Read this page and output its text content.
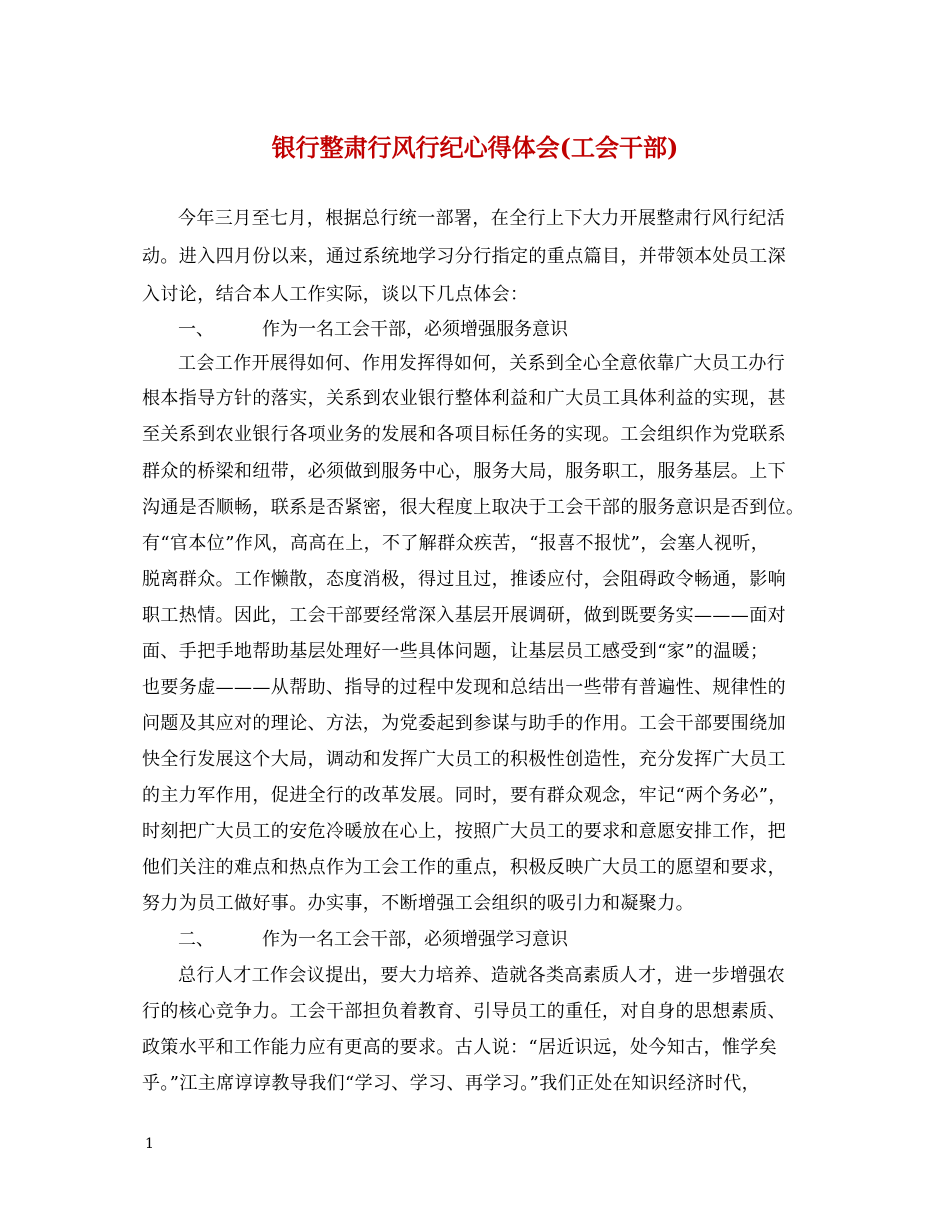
银行整肃行风行纪心得体会(工会干部)
今年三月至七月，根据总行统一部署，在全行上下大力开展整肃行风行纪活
动。进入四月份以来，通过系统地学习分行指定的重点篇目，并带领本处员工深
入讨论，结合本人工作实际，谈以下几点体会：
一、	作为一名工会干部，必须增强服务意识
工会工作开展得如何、作用发挥得如何，关系到全心全意依靠广大员工办行
根本指导方针的落实，关系到农业银行整体利益和广大员工具体利益的实现，甚
至关系到农业银行各项业务的发展和各项目标任务的实现。工会组织作为党联系
群众的桥梁和纽带，必须做到服务中心，服务大局，服务职工，服务基层。上下
沟通是否顺畅，联系是否紧密，很大程度上取决于工会干部的服务意识是否到位。
有“官本位”作风，高高在上，不了解群众疾苦，“报喜不报忧”，会塞人视听，
脱离群众。工作懒散，态度消极，得过且过，推诿应付，会阻碍政令畅通，影响
职工热情。因此，工会干部要经常深入基层开展调研，做到既要务实———面对
面、手把手地帮助基层处理好一些具体问题，让基层员工感受到“家”的温暖；
也要务虚———从帮助、指导的过程中发现和总结出一些带有普遍性、规律性的
问题及其应对的理论、方法，为党委起到参谋与助手的作用。工会干部要围绕加
快全行发展这个大局，调动和发挥广大员工的积极性创造性，充分发挥广大员工
的主力军作用，促进全行的改革发展。同时，要有群众观念，牢记“两个务必”，
时刻把广大员工的安危冷暖放在心上，按照广大员工的要求和意愿安排工作，把
他们关注的难点和热点作为工会工作的重点，积极反映广大员工的愿望和要求，
努力为员工做好事。办实事，不断增强工会组织的吸引力和凝聚力。
二、	作为一名工会干部，必须增强学习意识
总行人才工作会议提出，要大力培养、造就各类高素质人才，进一步增强农
行的核心竞争力。工会干部担负着教育、引导员工的重任，对自身的思想素质、
政策水平和工作能力应有更高的要求。古人说：“居近识远，处今知古，惟学矣
乎。”江主席谆谆教导我们“学习、学习、再学习。”我们正处在知识经济时代，
1
